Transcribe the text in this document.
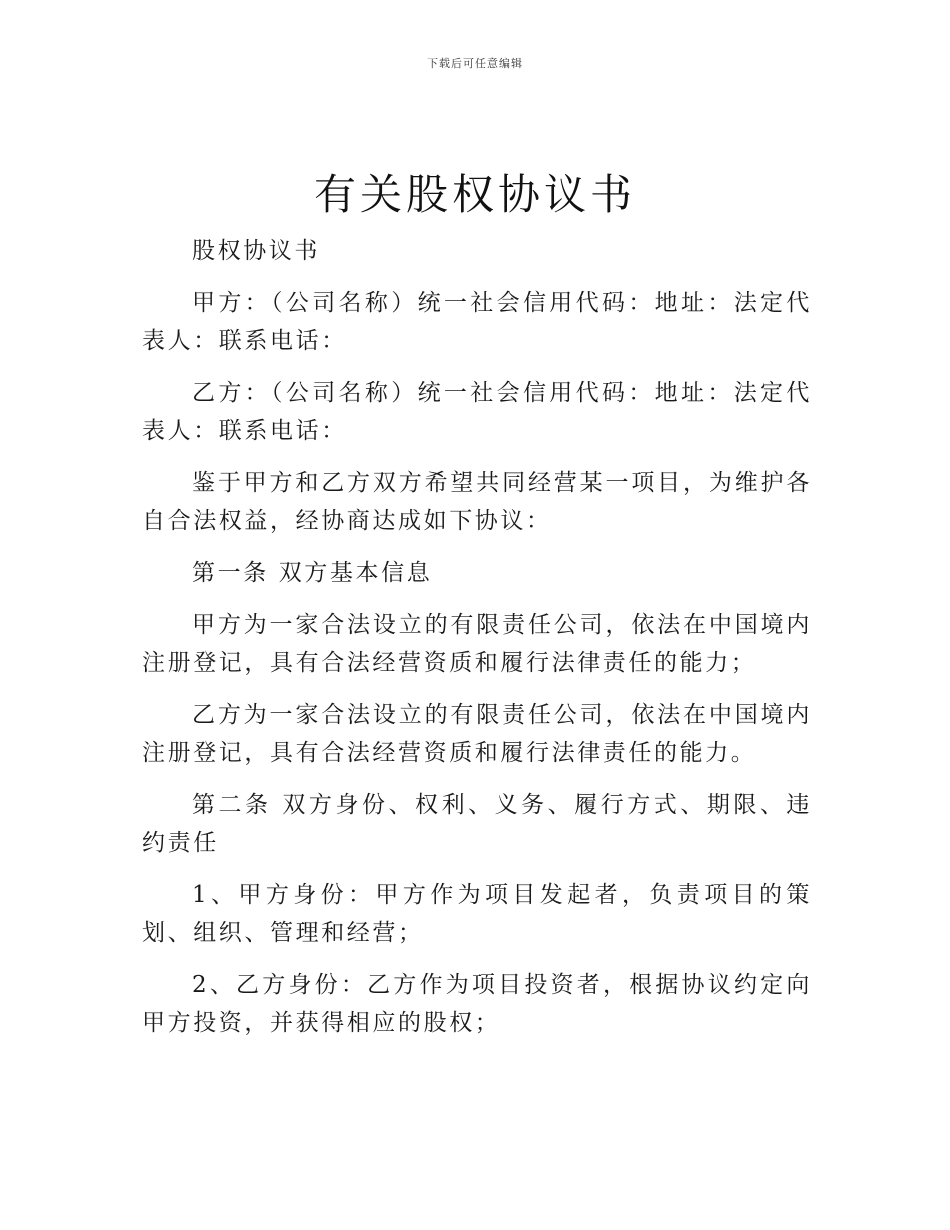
下载后可任意编辑
有关股权协议书

股权协议书

甲方：（公司名称）统一社会信用代码：地址：法定代表人：联系电话：

乙方：（公司名称）统一社会信用代码：地址：法定代表人：联系电话：

鉴于甲方和乙方双方希望共同经营某一项目，为维护各自合法权益，经协商达成如下协议：

第一条 双方基本信息

甲方为一家合法设立的有限责任公司，依法在中国境内注册登记，具有合法经营资质和履行法律责任的能力；

乙方为一家合法设立的有限责任公司，依法在中国境内注册登记，具有合法经营资质和履行法律责任的能力。

第二条 双方身份、权利、义务、履行方式、期限、违约责任

1、甲方身份：甲方作为项目发起者，负责项目的策划、组织、管理和经营；

2、乙方身份：乙方作为项目投资者，根据协议约定向甲方投资，并获得相应的股权；
